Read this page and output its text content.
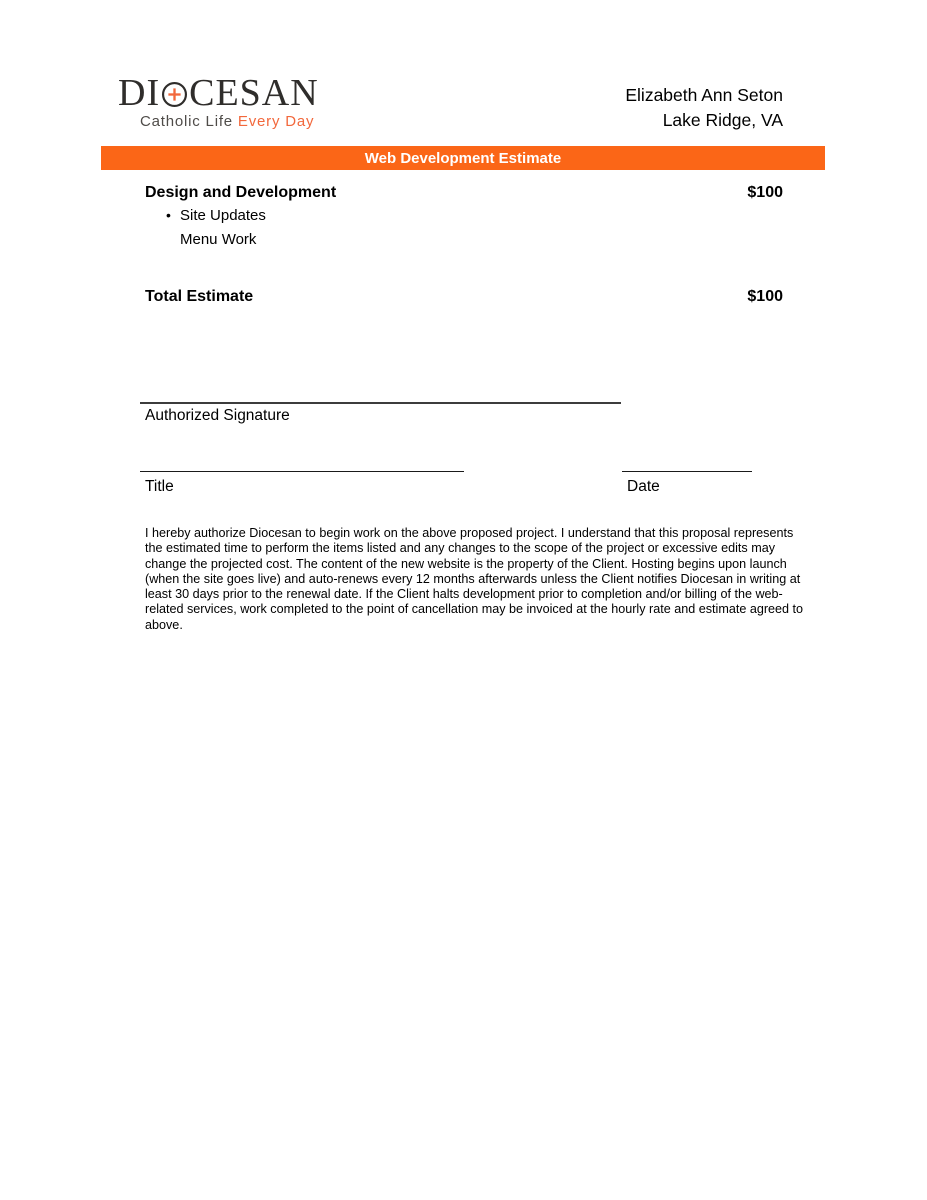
DI CESAN
Catholic Life Every Day
Elizabeth Ann Seton
Lake Ridge, VA
Web Development Estimate
Design and Development	$100
• Site Updates
Menu Work
Total Estimate	$100
Authorized Signature
Title	Date

I hereby authorize Diocesan to begin work on the above proposed project. I understand that this proposal represents the estimated time to perform the items listed and any changes to the scope of the project or excessive edits may change the projected cost. The content of the new website is the property of the Client. Hosting begins upon launch (when the site goes live) and auto-renews every 12 months afterwards unless the Client notifies Diocesan in writing at least 30 days prior to the renewal date. If the Client halts development prior to completion and/or billing of the web-related services, work completed to the point of cancellation may be invoiced at the hourly rate and estimate agreed to above.
